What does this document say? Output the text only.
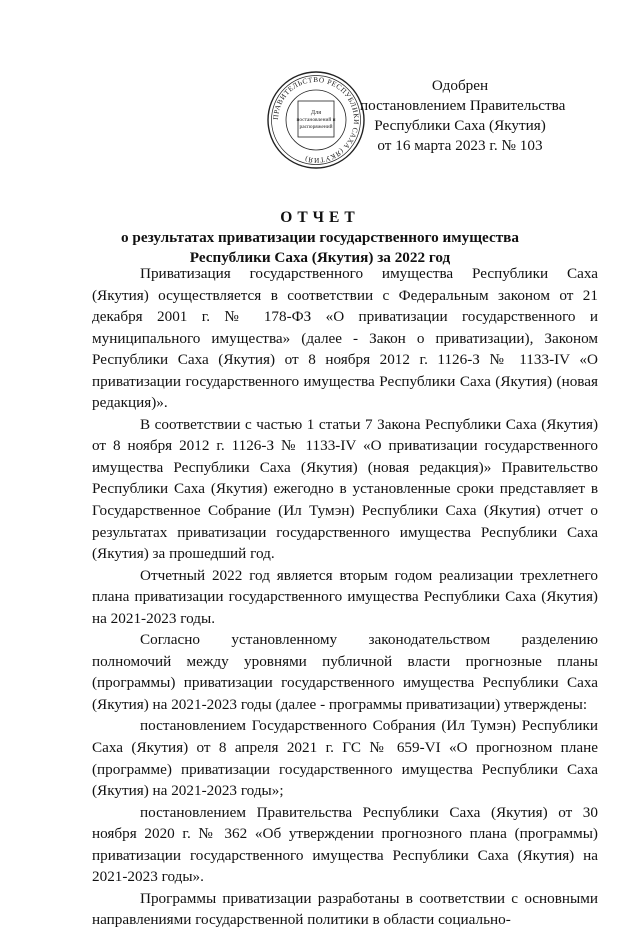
ПРАВИТЕЛЬСТВО РЕСПУБЛИКИ САХА (ЯКУТИЯ)
Для
постановлений и
распоряжений
Одобрен
постановлением Правительства
Республики Саха (Якутия)
от 16 марта 2023 г. № 103
ОТЧЕТ
о результатах приватизации государственного имущества
Республики Саха (Якутия) за 2022 год

Приватизация государственного имущества Республики Саха (Якутия) осуществляется в соответствии с Федеральным законом от 21 декабря 2001 г. № 178-ФЗ «О приватизации государственного и муниципального имущества» (далее - Закон о приватизации), Законом Республики Саха (Якутия) от 8 ноября 2012 г. 1126-З № 1133-IV «О приватизации государственного имущества Республики Саха (Якутия) (новая редакция)».

В соответствии с частью 1 статьи 7 Закона Республики Саха (Якутия) от 8 ноября 2012 г. 1126-З № 1133-IV «О приватизации государственного имущества Республики Саха (Якутия) (новая редакция)» Правительство Республики Саха (Якутия) ежегодно в установленные сроки представляет в Государственное Собрание (Ил Тумэн) Республики Саха (Якутия) отчет о результатах приватизации государственного имущества Республики Саха (Якутия) за прошедший год.

Отчетный 2022 год является вторым годом реализации трехлетнего плана приватизации государственного имущества Республики Саха (Якутия) на 2021-2023 годы.

Согласно установленному законодательством разделению полномочий между уровнями публичной власти прогнозные планы (программы) приватизации государственного имущества Республики Саха (Якутия) на 2021-2023 годы (далее - программы приватизации) утверждены:

постановлением Государственного Собрания (Ил Тумэн) Республики Саха (Якутия) от 8 апреля 2021 г. ГС № 659-VI «О прогнозном плане (программе) приватизации государственного имущества Республики Саха (Якутия) на 2021-2023 годы»;

постановлением Правительства Республики Саха (Якутия) от 30 ноября 2020 г. № 362 «Об утверждении прогнозного плана (программы) приватизации государственного имущества Республики Саха (Якутия) на 2021-2023 годы».

Программы приватизации разработаны в соответствии с основными направлениями государственной политики в области социально-
